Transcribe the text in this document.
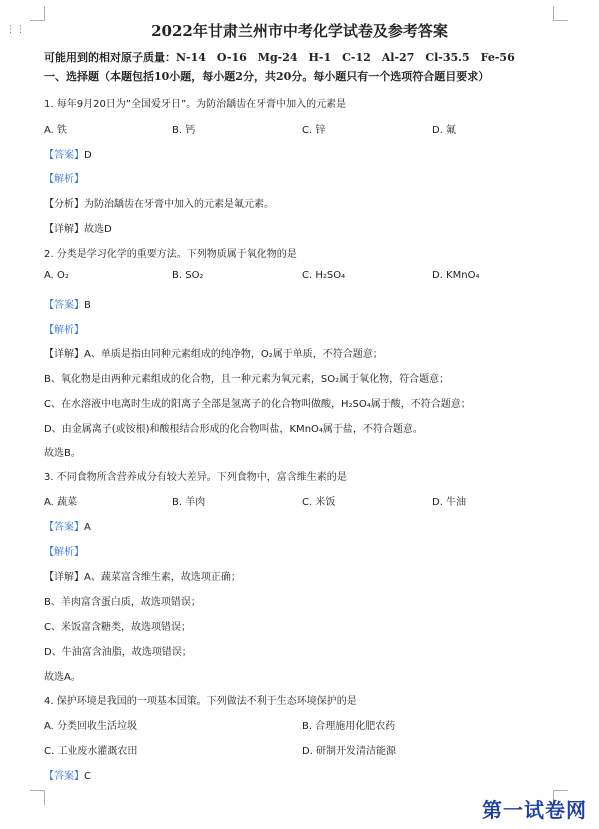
⋮⋮	2022年甘肃兰州市中考化学试卷及参考答案
可能用到的相对原子质量：N-14　O-16　Mg-24　H-1　C-12　Al-27　Cl-35.5　Fe-56
一、选择题（本题包括10小题，每小题2分，共20分。每小题只有一个选项符合题目要求）
1. 每年9月20日为”全国爱牙日”。为防治龋齿在牙膏中加入的元素是
A. 铁	B. 钙	C. 锌	D. 氟
【答案】D
【解析】
【分析】为防治龋齿在牙膏中加入的元素是氟元素。
【详解】故选D
2. 分类是学习化学的重要方法。下列物质属于氧化物的是
A. O₂	B. SO₂	C. H₂SO₄	D. KMnO₄
【答案】B
【解析】
【详解】A、单质是指由同种元素组成的纯净物，O₂属于单质，不符合题意；
B、氧化物是由两种元素组成的化合物，且一种元素为氧元素，SO₂属于氧化物，符合题意；
C、在水溶液中电离时生成的阳离子全部是氢离子的化合物叫做酸，H₂SO₄属于酸，不符合题意；
D、由金属离子(或铵根)和酸根结合形成的化合物叫盐，KMnO₄属于盐，不符合题意。
故选B。
3. 不同食物所含营养成分有较大差异。下列食物中，富含维生素的是
A. 蔬菜	B. 羊肉	C. 米饭	D. 牛油
【答案】A
【解析】
【详解】A、蔬菜富含维生素，故选项正确；
B、羊肉富含蛋白质，故选项错误；
C、米饭富含糖类，故选项错误；
D、牛油富含油脂，故选项错误；
故选A。
4. 保护环境是我国的一项基本国策。下列做法不利于生态环境保护的是
A. 分类回收生活垃圾	B. 合理施用化肥农药
C. 工业废水灌溉农田	D. 研制开发清洁能源
【答案】C
第一试卷网
